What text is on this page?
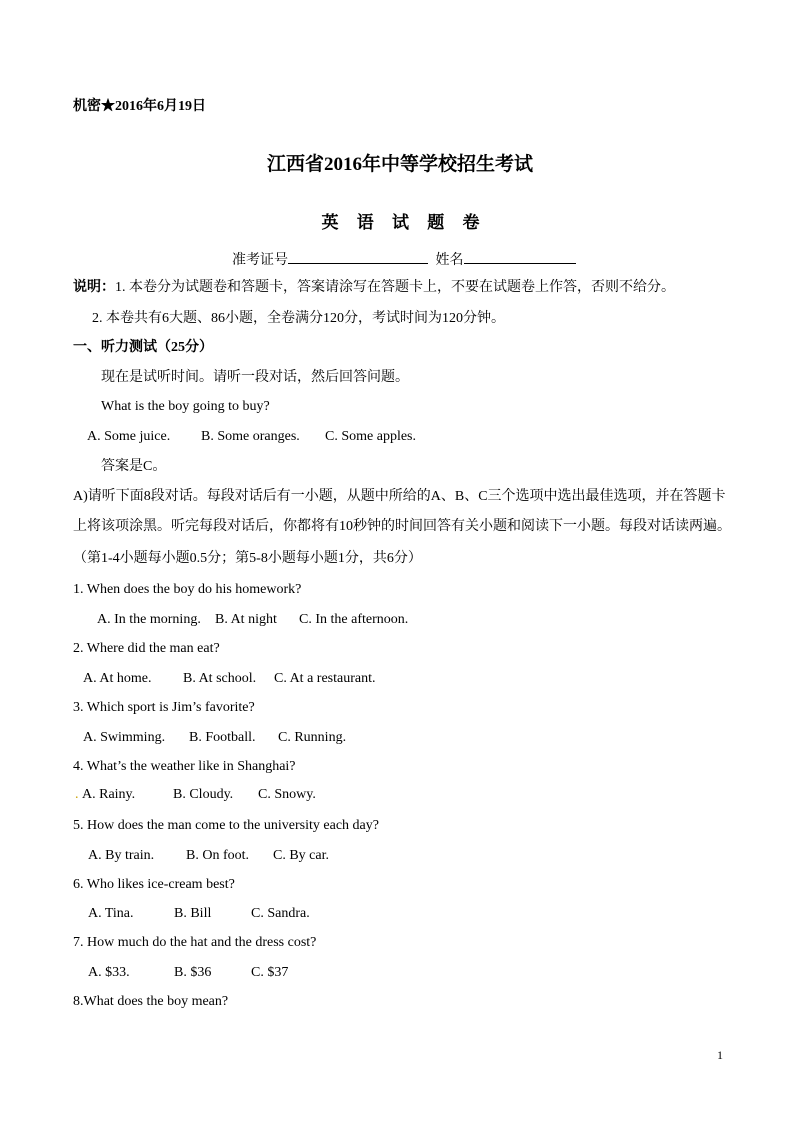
机密★2016年6月19日
江西省2016年中等学校招生考试
英 语 试 题 卷
准考证号	姓名
说明：1. 本卷分为试题卷和答题卡，答案请涂写在答题卡上，不要在试题卷上作答，否则不给分。
2. 本卷共有6大题、86小题，全卷满分120分，考试时间为120分钟。
一、听力测试（25分）
现在是试听时间。请听一段对话，然后回答问题。
What is the boy going to buy?
A. Some juice. B. Some oranges. C. Some apples.
答案是C。
A)请听下面8段对话。每段对话后有一小题，从题中所给的A、B、C三个选项中选出最佳选项，并在答题卡
上将该项涂黑。听完每段对话后，你都将有10秒钟的时间回答有关小题和阅读下一小题。每段对话读两遍。
（第1-4小题每小题0.5分；第5-8小题每小题1分，共6分）
1. When does the boy do his homework?
A. In the morning. B. At night C. In the afternoon.
2. Where did the man eat?
A. At home. B. At school. C. At a restaurant.
3. Which sport is Jim’s favorite?
A. Swimming. B. Football. C. Running.
4. What’s the weather like in Shanghai?
. A. Rainy.	B. Cloudy. C. Snowy.
5. How does the man come to the university each day?
A. By train. B. On foot. C. By car.
6. Who likes ice-cream best?
A. Tina.	B. Bill	C. Sandra.
7. How much do the hat and the dress cost?
A. $33.	B. $36	C. $37
8.What does the boy mean?
1
